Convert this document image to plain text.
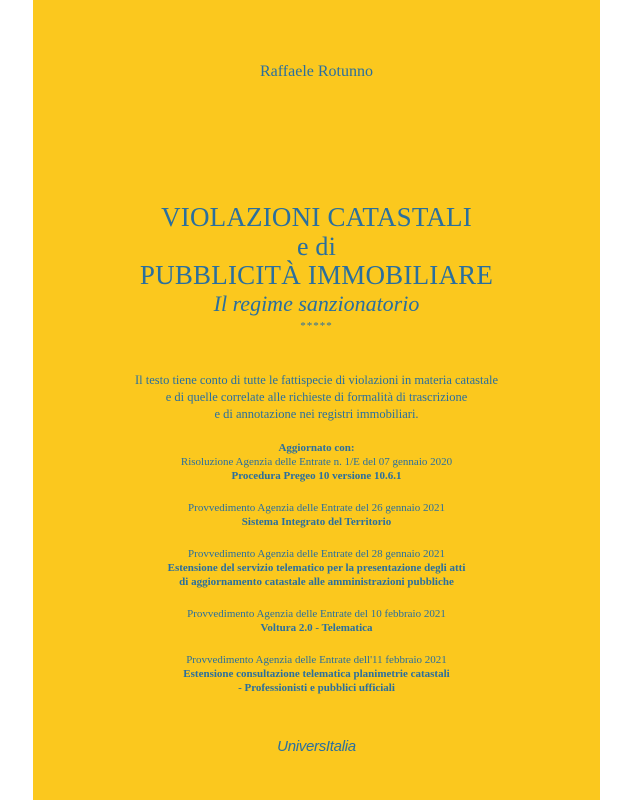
Raffaele Rotunno
VIOLAZIONI CATASTALI
e di
PUBBLICITÀ IMMOBILIARE
Il regime sanzionatorio
*****
Il testo tiene conto di tutte le fattispecie di violazioni in materia catastale
e di quelle correlate alle richieste di formalità di trascrizione
e di annotazione nei registri immobiliari.
Aggiornato con:
Risoluzione Agenzia delle Entrate n. 1/E del 07 gennaio 2020
Procedura Pregeo 10 versione 10.6.1
Provvedimento Agenzia delle Entrate del 26 gennaio 2021
Sistema Integrato del Territorio
Provvedimento Agenzia delle Entrate del 28 gennaio 2021
Estensione del servizio telematico per la presentazione degli atti
di aggiornamento catastale alle amministrazioni pubbliche
Provvedimento Agenzia delle Entrate del 10 febbraio 2021
Voltura 2.0 - Telematica
Provvedimento Agenzia delle Entrate dell'11 febbraio 2021
Estensione consultazione telematica planimetrie catastali
- Professionisti e pubblici ufficiali
UniversItalia
